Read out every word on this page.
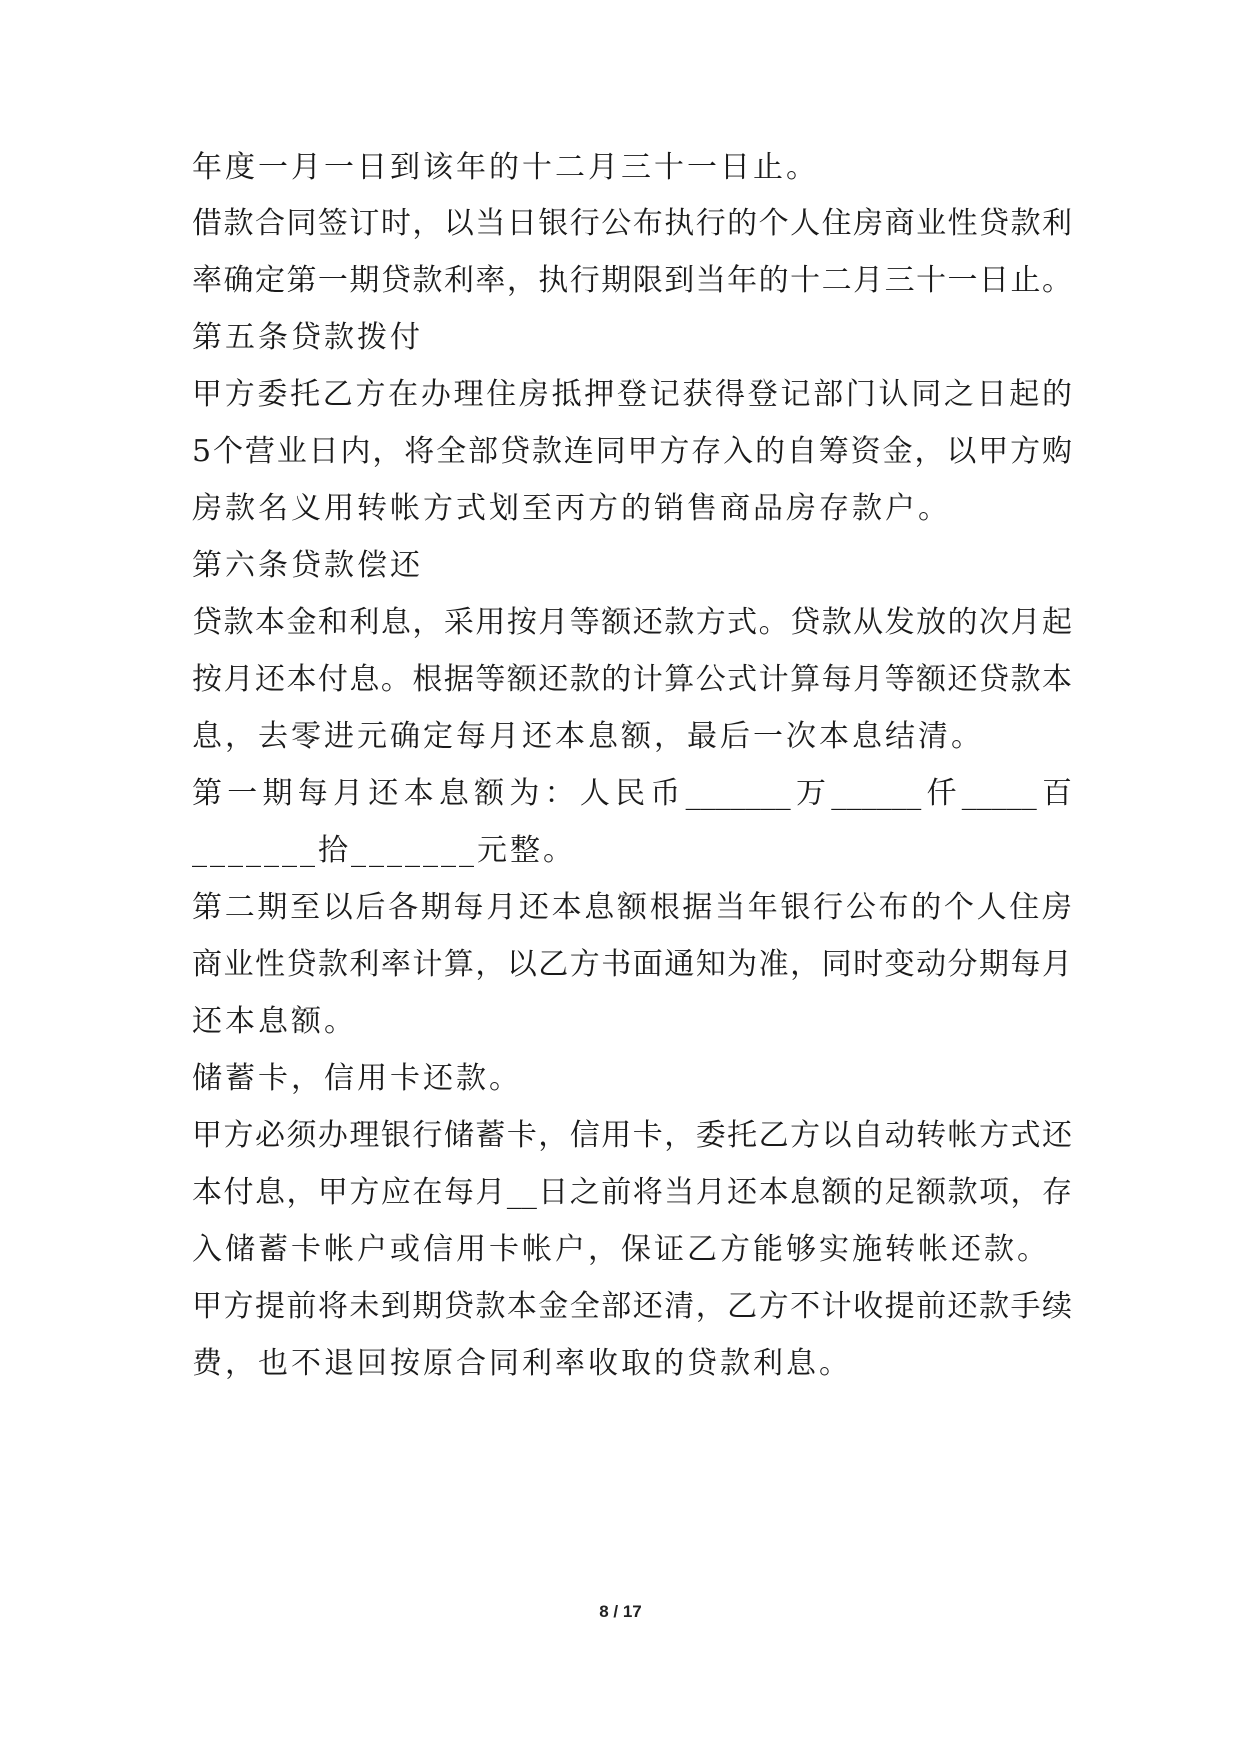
年度一月一日到该年的十二月三十一日止。
借款合同签订时，以当日银行公布执行的个人住房商业性贷款利
率确定第一期贷款利率，执行期限到当年的十二月三十一日止。
第五条贷款拨付
甲方委托乙方在办理住房抵押登记获得登记部门认同之日起的
5个营业日内，将全部贷款连同甲方存入的自筹资金，以甲方购
房款名义用转帐方式划至丙方的销售商品房存款户。
第六条贷款偿还
贷款本金和利息，采用按月等额还款方式。贷款从发放的次月起
按月还本付息。根据等额还款的计算公式计算每月等额还贷款本
息，去零进元确定每月还本息额，最后一次本息结清。
第一期每月还本息额为：人民币_______万______仟_____百
_______拾_______元整。
第二期至以后各期每月还本息额根据当年银行公布的个人住房
商业性贷款利率计算，以乙方书面通知为准，同时变动分期每月
还本息额。
储蓄卡，信用卡还款。
甲方必须办理银行储蓄卡，信用卡，委托乙方以自动转帐方式还
本付息，甲方应在每月__日之前将当月还本息额的足额款项，存
入储蓄卡帐户或信用卡帐户，保证乙方能够实施转帐还款。
甲方提前将未到期贷款本金全部还清，乙方不计收提前还款手续
费，也不退回按原合同利率收取的贷款利息。
8 / 17
